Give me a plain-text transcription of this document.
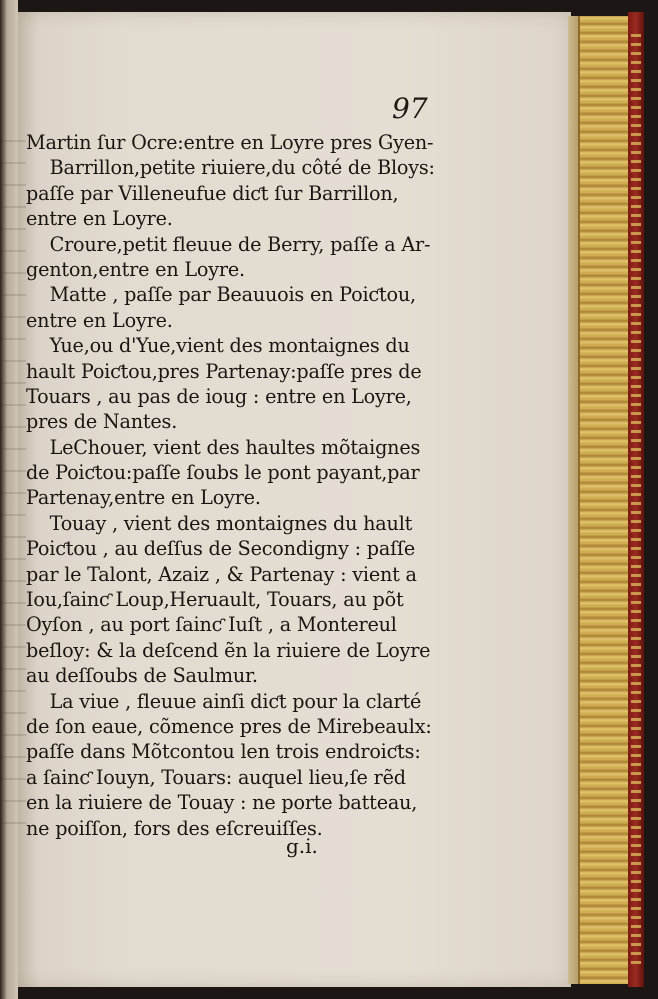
97
Martin ſur Ocre:entre en Loyre pres Gyen-
Barrillon,petite riuiere,du côté de Bloys:
paſſe par Villeneufue diƈt ſur Barrillon,
entre en Loyre.
Croure,petit fleuue de Berry, paſſe a Ar-
genton,entre en Loyre.
Matte , paſſe par Beauuois en Poiƈtou,
entre en Loyre.
Yue,ou d'Yue,vient des montaignes du
hault Poiƈtou,pres Partenay:paſſe pres de
Touars , au pas de ioug : entre en Loyre,
pres de Nantes.
LeChouer, vient des haultes mõtaignes
de Poiƈtou:paſſe ſoubs le pont payant,par
Partenay,entre en Loyre.
Touay , vient des montaignes du hault
Poiƈtou , au deſſus de Secondigny : paſſe
par le Talont, Azaiz , & Partenay : vient a
Iou,ſainƈ Loup,Heruault, Touars, au põt
Oyſon , au port ſainƈ Iuſt , a Montereul
beſloy: & la deſcend ẽn la riuiere de Loyre
au deſſoubs de Saulmur.
La viue , fleuue ainſi diƈt pour la clarté
de ſon eaue, cõmence pres de Mirebeaulx:
paſſe dans Mõtcontou len trois endroiƈts:
a ſainƈ Iouyn, Touars: auquel lieu,ſe rẽd
en la riuiere de Touay : ne porte batteau,
ne poiſſon, fors des eſcreuiſſes.
g.i.
